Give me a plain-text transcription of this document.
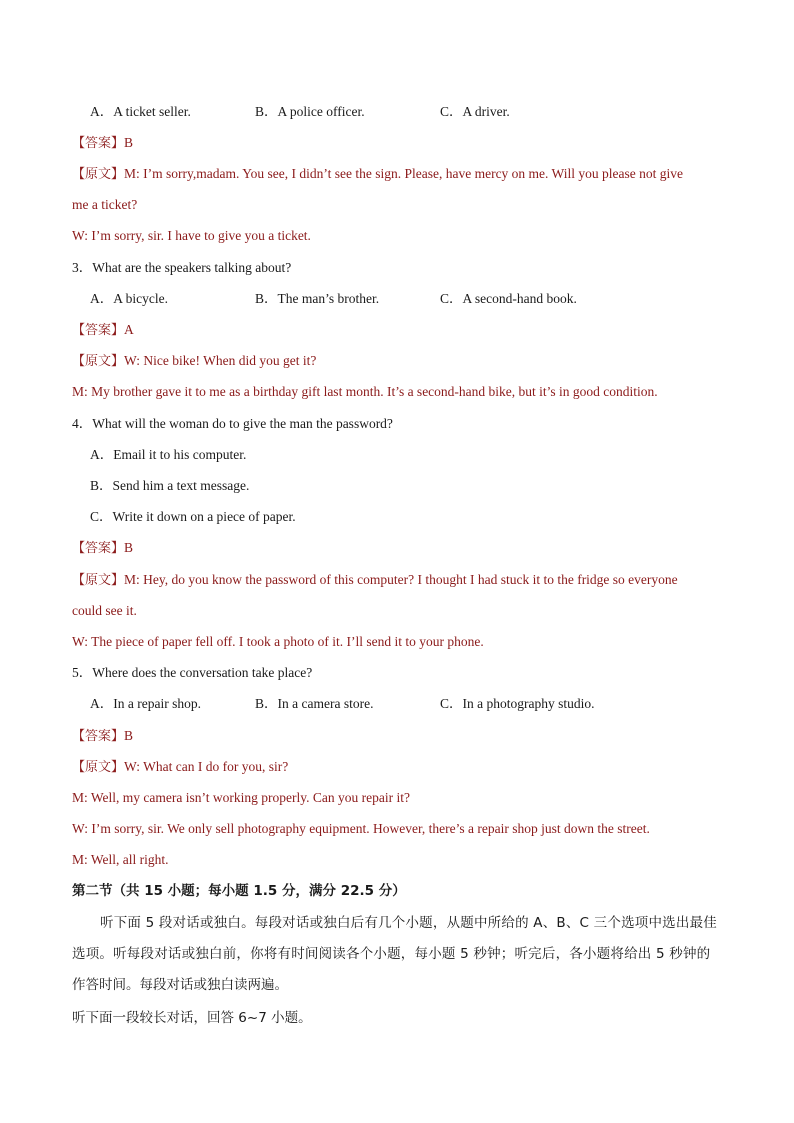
A．A ticket seller.	B．A police officer.	C．A driver.
【答案】B
【原文】M: I’m sorry,madam. You see, I didn’t see the sign. Please, have mercy on me. Will you please not give
me a ticket?
W: I’m sorry, sir. I have to give you a ticket.
3．What are the speakers talking about?
A．A bicycle.	B．The man’s brother.	C．A second-hand book.
【答案】A
【原文】W: Nice bike! When did you get it?
M: My brother gave it to me as a birthday gift last month. It’s a second-hand bike, but it’s in good condition.
4．What will the woman do to give the man the password?
A．Email it to his computer.
B．Send him a text message.
C．Write it down on a piece of paper.
【答案】B
【原文】M: Hey, do you know the password of this computer? I thought I had stuck it to the fridge so everyone
could see it.
W: The piece of paper fell off. I took a photo of it. I’ll send it to your phone.
5．Where does the conversation take place?
A．In a repair shop.	B．In a camera store.	C．In a photography studio.
【答案】B
【原文】W: What can I do for you, sir?
M: Well, my camera isn’t working properly. Can you repair it?
W: I’m sorry, sir. We only sell photography equipment. However, there’s a repair shop just down the street.
M: Well, all right.
第二节（共 15 小题；每小题 1.5 分，满分 22.5 分）
听下面 5 段对话或独白。每段对话或独白后有几个小题，从题中所给的 A、B、C 三个选项中选出最佳
选项。听每段对话或独白前，你将有时间阅读各个小题，每小题 5 秒钟；听完后，各小题将给出 5 秒钟的
作答时间。每段对话或独白读两遍。
听下面一段较长对话，回答 6~7 小题。
